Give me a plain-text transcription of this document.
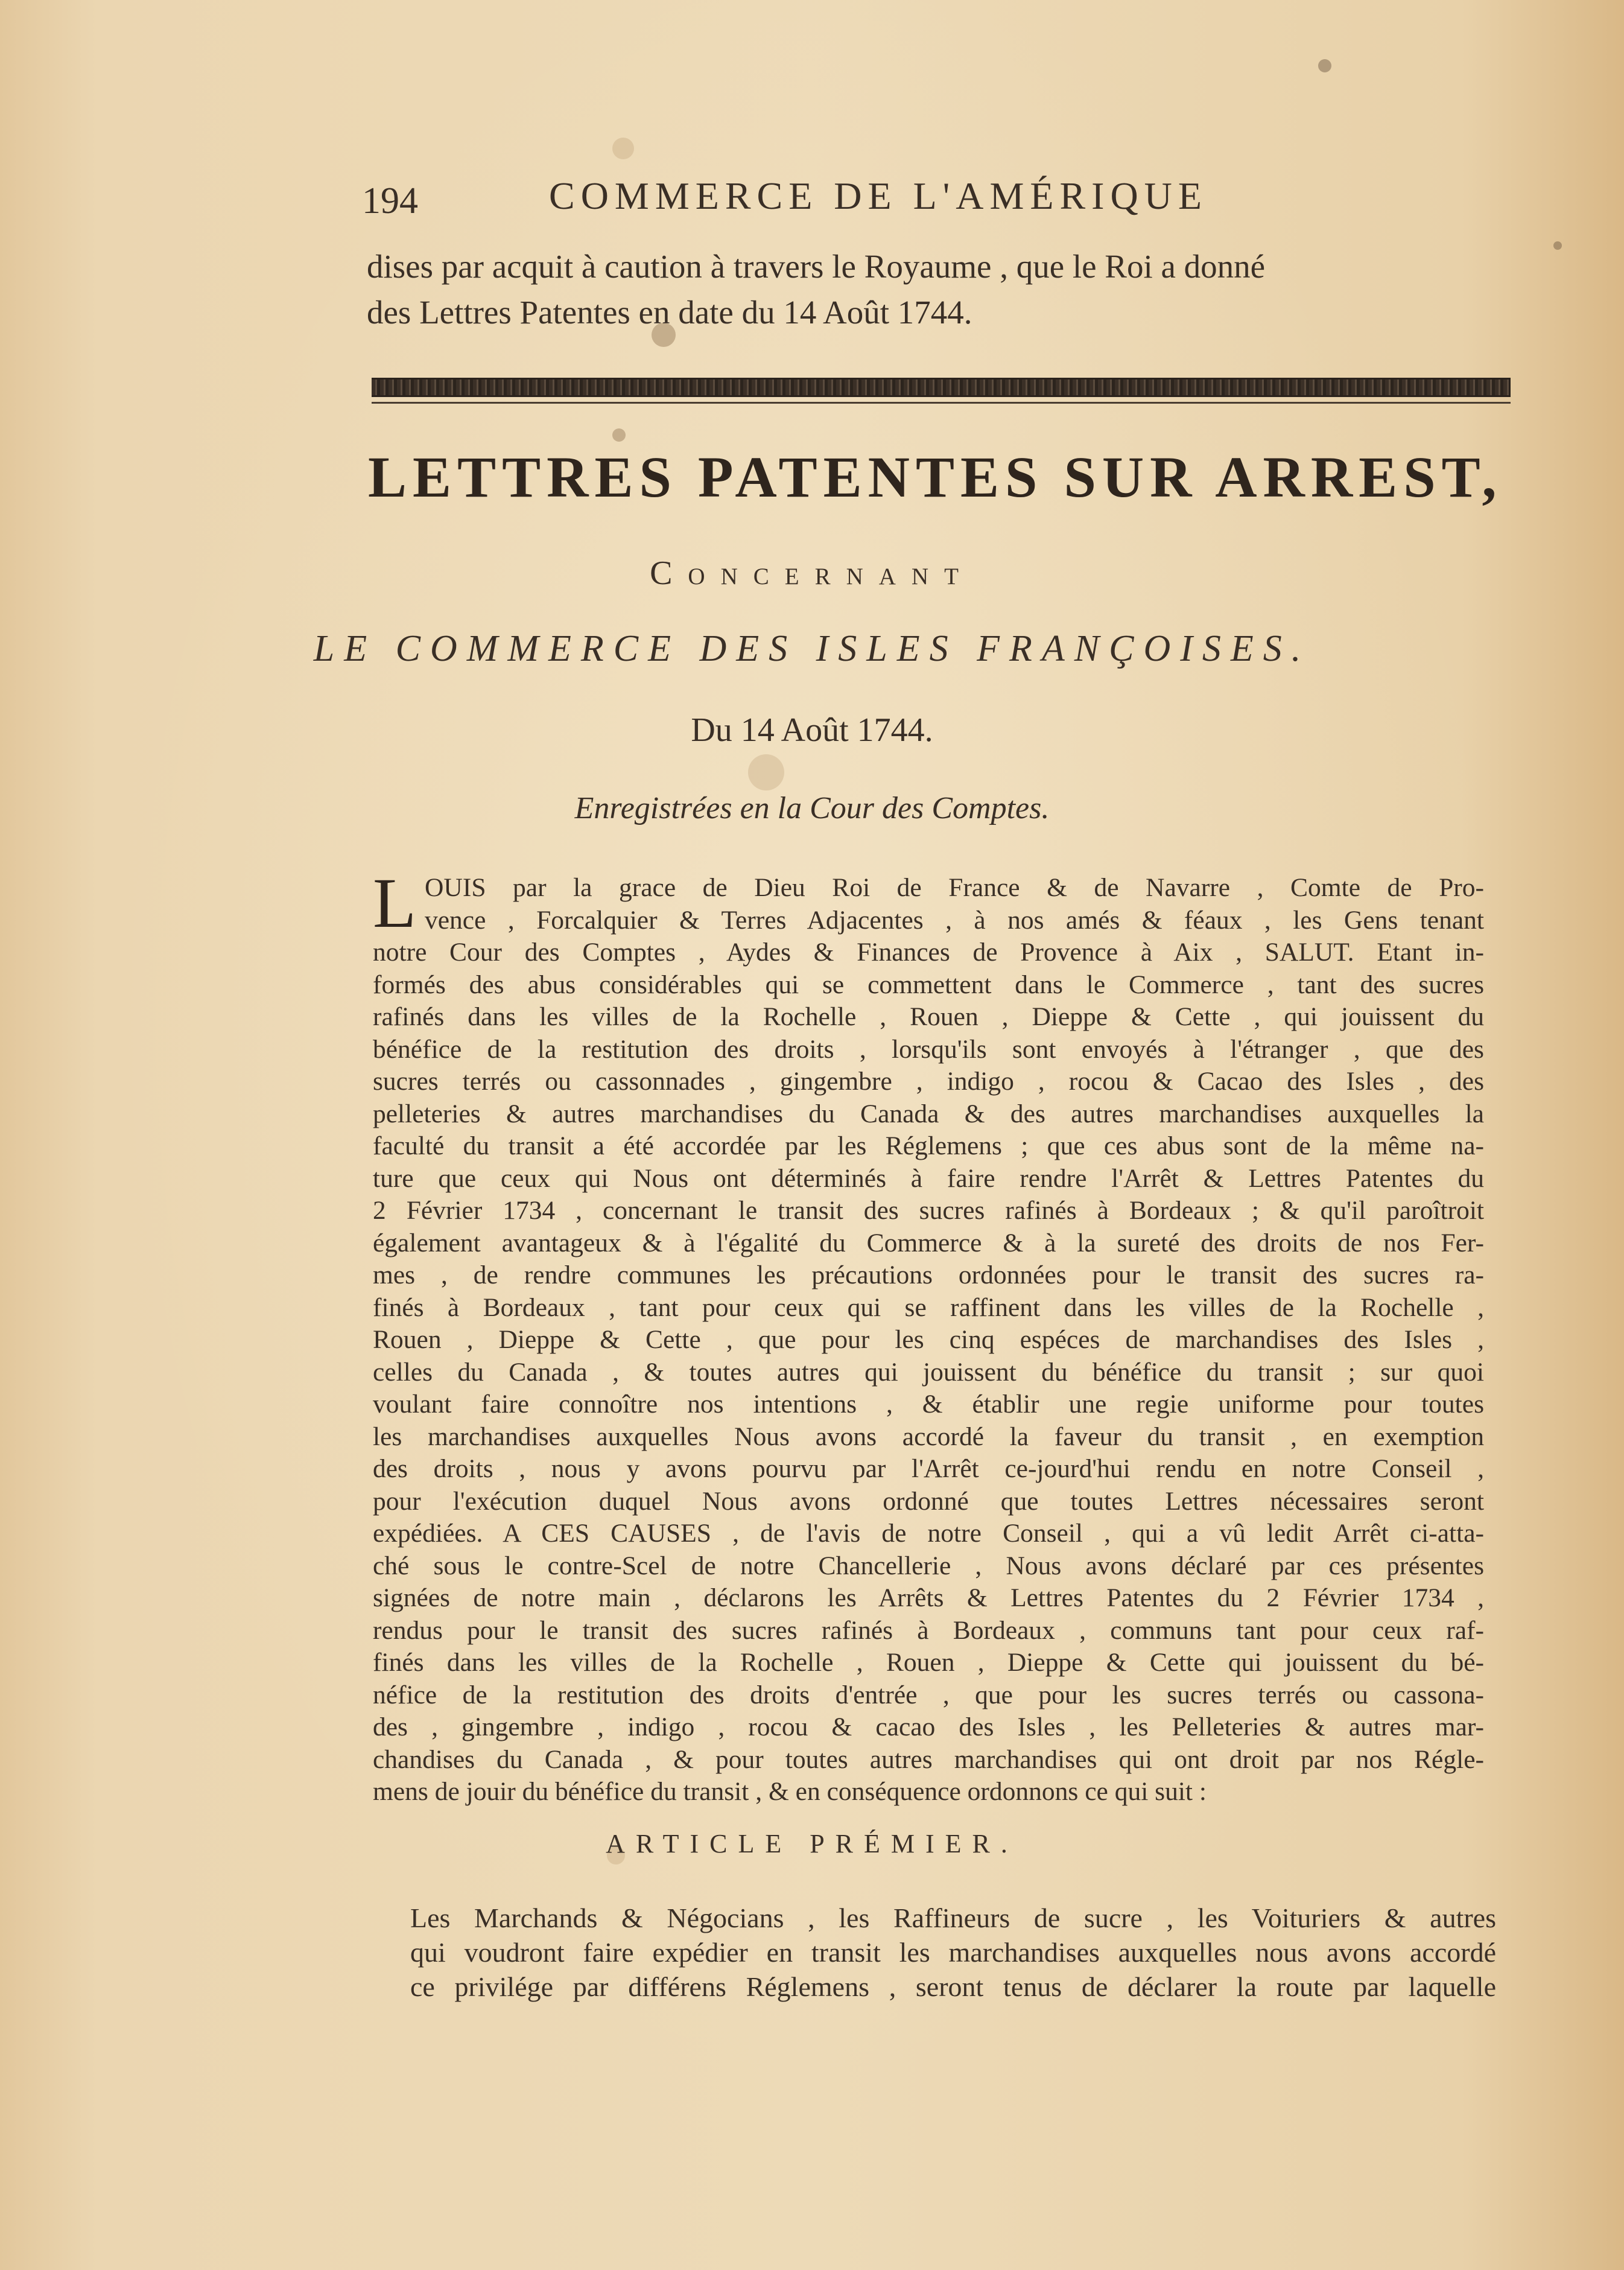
194	COMMERCE DE L'AMÉRIQUE
dises par acquit à caution à travers le Royaume , que le Roi a donné
des Lettres Patentes en date du 14 Août 1744.
LETTRES PATENTES SUR ARREST,
Concernant
LE COMMERCE DES ISLES FRANÇOISES.
Du 14 Août 1744.
Enregistrées en la Cour des Comptes.
L OUIS par la grace de Dieu Roi de France & de Navarre , Comte de Pro-
vence , Forcalquier & Terres Adjacentes , à nos amés & féaux , les Gens tenant
notre Cour des Comptes , Aydes & Finances de Provence à Aix , SALUT. Etant in-
formés des abus considérables qui se commettent dans le Commerce , tant des sucres
rafinés dans les villes de la Rochelle , Rouen , Dieppe & Cette , qui jouissent du
bénéfice de la restitution des droits , lorsqu'ils sont envoyés à l'étranger , que des
sucres terrés ou cassonnades , gingembre , indigo , rocou & Cacao des Isles , des
pelleteries & autres marchandises du Canada & des autres marchandises auxquelles la
faculté du transit a été accordée par les Réglemens ; que ces abus sont de la même na-
ture que ceux qui Nous ont déterminés à faire rendre l'Arrêt & Lettres Patentes du
2 Février 1734 , concernant le transit des sucres rafinés à Bordeaux ; & qu'il paroîtroit
également avantageux & à l'égalité du Commerce & à la sureté des droits de nos Fer-
mes , de rendre communes les précautions ordonnées pour le transit des sucres ra-
finés à Bordeaux , tant pour ceux qui se raffinent dans les villes de la Rochelle ,
Rouen , Dieppe & Cette , que pour les cinq espéces de marchandises des Isles ,
celles du Canada , & toutes autres qui jouissent du bénéfice du transit ; sur quoi
voulant faire connoître nos intentions , & établir une regie uniforme pour toutes
les marchandises auxquelles Nous avons accordé la faveur du transit , en exemption
des droits , nous y avons pourvu par l'Arrêt ce-jourd'hui rendu en notre Conseil ,
pour l'exécution duquel Nous avons ordonné que toutes Lettres nécessaires seront
expédiées. A CES CAUSES , de l'avis de notre Conseil , qui a vû ledit Arrêt ci-atta-
ché sous le contre-Scel de notre Chancellerie , Nous avons déclaré par ces présentes
signées de notre main , déclarons les Arrêts & Lettres Patentes du 2 Février 1734 ,
rendus pour le transit des sucres rafinés à Bordeaux , communs tant pour ceux raf-
finés dans les villes de la Rochelle , Rouen , Dieppe & Cette qui jouissent du bé-
néfice de la restitution des droits d'entrée , que pour les sucres terrés ou cassona-
des , gingembre , indigo , rocou & cacao des Isles , les Pelleteries & autres mar-
chandises du Canada , & pour toutes autres marchandises qui ont droit par nos Régle-
mens de jouir du bénéfice du transit , & en conséquence ordonnons ce qui suit :
ARTICLE PRÉMIER.
Les Marchands & Négocians , les Raffineurs de sucre , les Voituriers & autres
qui voudront faire expédier en transit les marchandises auxquelles nous avons accordé
ce privilége par différens Réglemens , seront tenus de déclarer la route par laquelle
